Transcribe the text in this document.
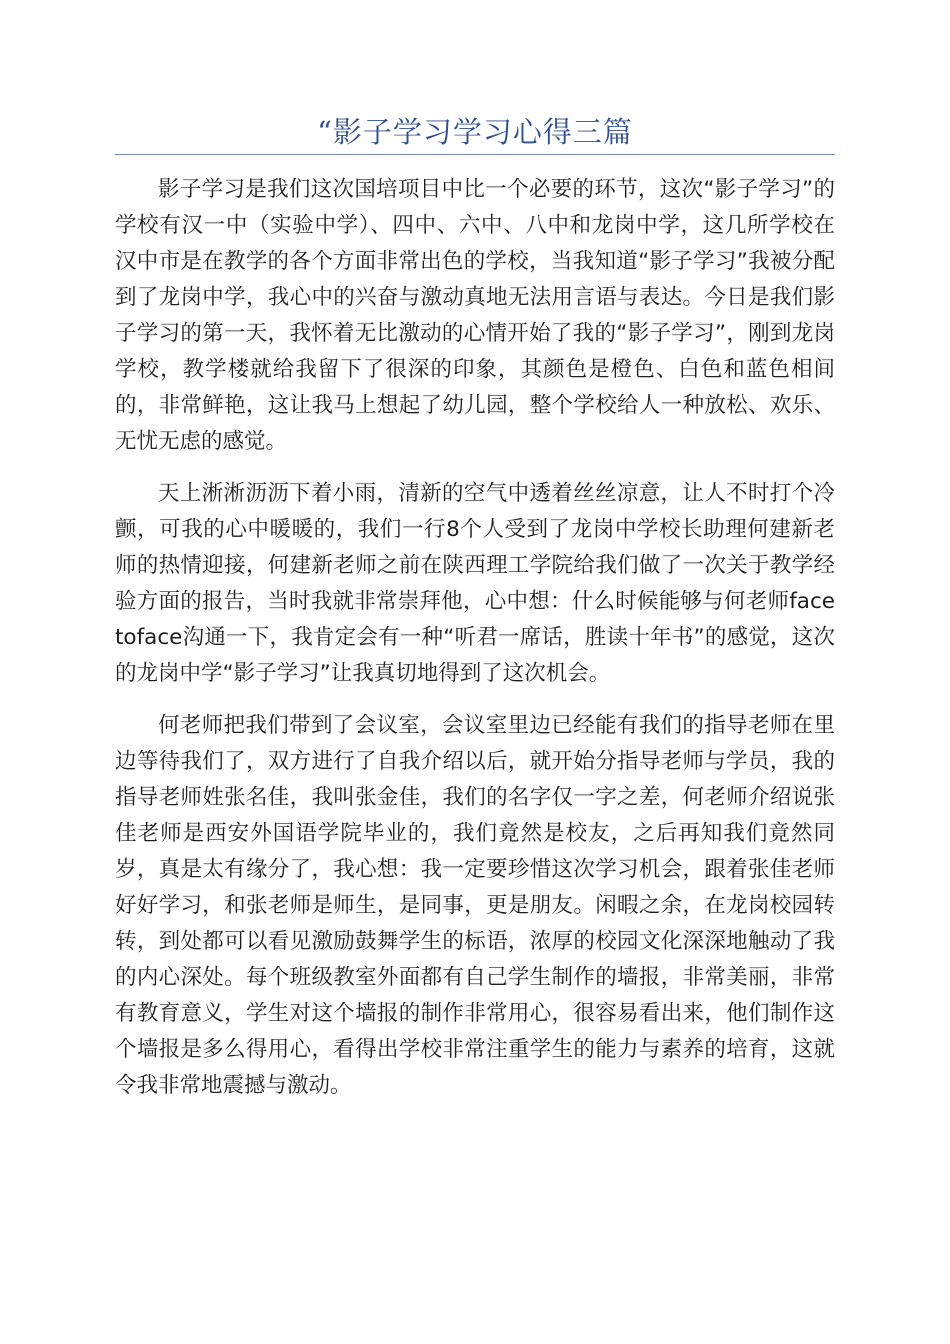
“影子学习学习心得三篇

影子学习是我们这次国培项目中比一个必要的环节，这次“影子学习”的学校有汉一中（实验中学）、四中、六中、八中和龙岗中学，这几所学校在汉中市是在教学的各个方面非常出色的学校，当我知道“影子学习”我被分配到了龙岗中学，我心中的兴奋与激动真地无法用言语与表达。今日是我们影子学习的第一天，我怀着无比激动的心情开始了我的“影子学习”，刚到龙岗学校，教学楼就给我留下了很深的印象，其颜色是橙色、白色和蓝色相间的，非常鲜艳，这让我马上想起了幼儿园，整个学校给人一种放松、欢乐、无忧无虑的感觉。

天上淅淅沥沥下着小雨，清新的空气中透着丝丝凉意，让人不时打个冷颤，可我的心中暖暖的，我们一行8个人受到了龙岗中学校长助理何建新老师的热情迎接，何建新老师之前在陕西理工学院给我们做了一次关于教学经验方面的报告，当时我就非常崇拜他，心中想：什么时候能够与何老师facetoface沟通一下，我肯定会有一种“听君一席话，胜读十年书”的感觉，这次的龙岗中学“影子学习”让我真切地得到了这次机会。

何老师把我们带到了会议室，会议室里边已经能有我们的指导老师在里边等待我们了，双方进行了自我介绍以后，就开始分指导老师与学员，我的指导老师姓张名佳，我叫张金佳，我们的名字仅一字之差，何老师介绍说张佳老师是西安外国语学院毕业的，我们竟然是校友，之后再知我们竟然同岁，真是太有缘分了，我心想：我一定要珍惜这次学习机会，跟着张佳老师好好学习，和张老师是师生，是同事，更是朋友。闲暇之余，在龙岗校园转转，到处都可以看见激励鼓舞学生的标语，浓厚的校园文化深深地触动了我的内心深处。每个班级教室外面都有自己学生制作的墙报，非常美丽，非常有教育意义，学生对这个墙报的制作非常用心，很容易看出来，他们制作这个墙报是多么得用心，看得出学校非常注重学生的能力与素养的培育，这就令我非常地震撼与激动。
